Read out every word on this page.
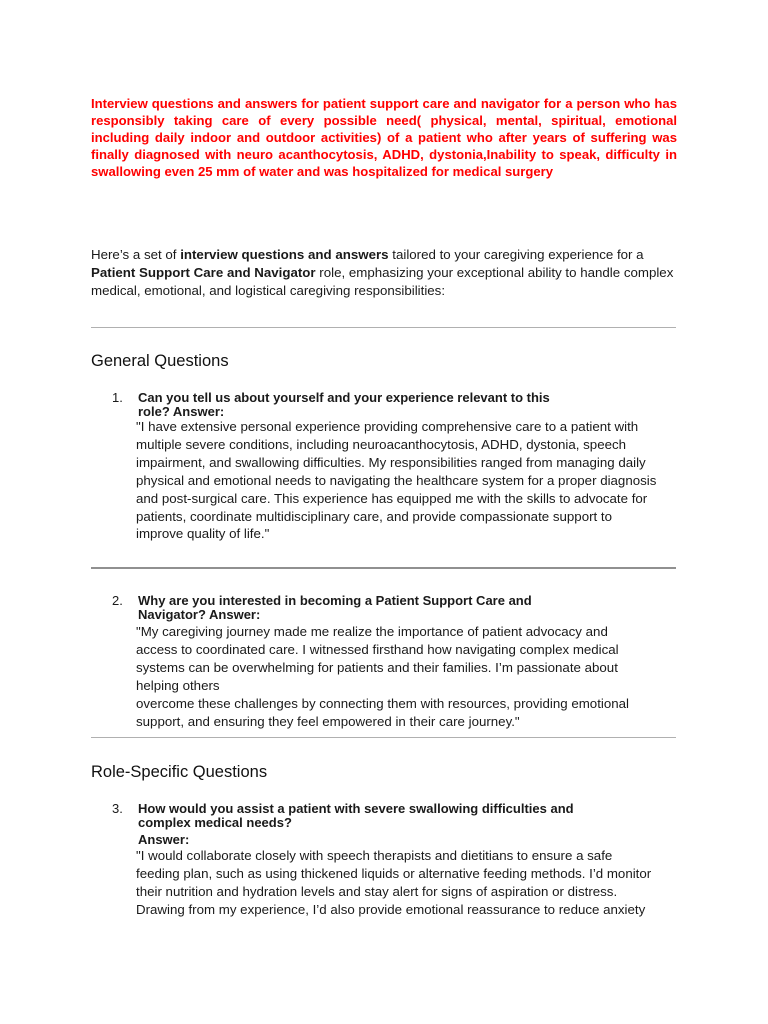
Interview questions and answers for patient support care and navigator for a person who has responsibly taking care of every possible need( physical, mental, spiritual, emotional including daily indoor and outdoor activities) of a patient who after years of suffering was finally diagnosed with neuro acanthocytosis, ADHD, dystonia,Inability to speak, difficulty in swallowing even 25 mm of water and was hospitalized for medical surgery

Here’s a set of interview questions and answers tailored to your caregiving experience for a Patient Support Care and Navigator role, emphasizing your exceptional ability to handle complex medical, emotional, and logistical caregiving responsibilities:

General Questions
1. Can you tell us about yourself and your experience relevant to this
role? Answer:

"I have extensive personal experience providing comprehensive care to a patient with
multiple severe conditions, including neuroacanthocytosis, ADHD, dystonia, speech
impairment, and swallowing difficulties. My responsibilities ranged from managing daily
physical and emotional needs to navigating the healthcare system for a proper diagnosis
and post-surgical care. This experience has equipped me with the skills to advocate for
patients, coordinate multidisciplinary care, and provide compassionate support to
improve quality of life."

2. Why are you interested in becoming a Patient Support Care and
Navigator? Answer:

"My caregiving journey made me realize the importance of patient advocacy and
access to coordinated care. I witnessed firsthand how navigating complex medical
systems can be overwhelming for patients and their families. I’m passionate about
helping others
overcome these challenges by connecting them with resources, providing emotional
support, and ensuring they feel empowered in their care journey."

Role-Specific Questions
3. How would you assist a patient with severe swallowing difficulties and
complex medical needs?
Answer:

"I would collaborate closely with speech therapists and dietitians to ensure a safe
feeding plan, such as using thickened liquids or alternative feeding methods. I’d monitor
their nutrition and hydration levels and stay alert for signs of aspiration or distress.
Drawing from my experience, I’d also provide emotional reassurance to reduce anxiety
